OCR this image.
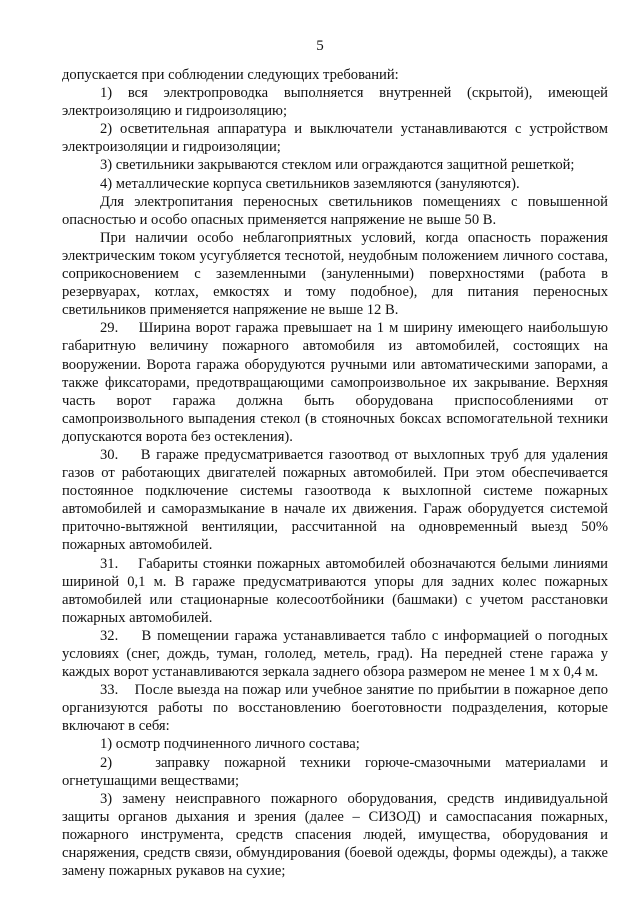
5

допускается при соблюдении следующих требований:

1) вся электропроводка выполняется внутренней (скрытой), имеющей электроизоляцию и гидроизоляцию;

2) осветительная аппаратура и выключатели устанавливаются с устройством электроизоляции и гидроизоляции;

3) светильники закрываются стеклом или ограждаются защитной решеткой;

4) металлические корпуса светильников заземляются (зануляются).

Для электропитания переносных светильников помещениях с повышенной опасностью и особо опасных применяется напряжение не выше 50 В.

При наличии особо неблагоприятных условий, когда опасность поражения электрическим током усугубляется теснотой, неудобным положением личного состава, соприкосновением с заземленными (зануленными) поверхностями (работа в резервуарах, котлах, емкостях и тому подобное), для питания переносных светильников применяется напряжение не выше 12 В.

29.    Ширина ворот гаража превышает на 1 м ширину имеющего наибольшую габаритную величину пожарного автомобиля из автомобилей, состоящих на вооружении. Ворота гаража оборудуются ручными или автоматическими запорами, а также фиксаторами, предотвращающими самопроизвольное их закрывание. Верхняя часть ворот гаража должна быть оборудована приспособлениями от самопроизвольного выпадения стекол (в стояночных боксах вспомогательной техники допускаются ворота без остекления).

30.    В гараже предусматривается газоотвод от выхлопных труб для удаления газов от работающих двигателей пожарных автомобилей. При этом обеспечивается постоянное подключение системы газоотвода к выхлопной системе пожарных автомобилей и саморазмыкание в начале их движения. Гараж оборудуется системой приточно-вытяжной вентиляции, рассчитанной на одновременный выезд 50% пожарных автомобилей.

31.    Габариты стоянки пожарных автомобилей обозначаются белыми линиями шириной 0,1 м. В гараже предусматриваются упоры для задних колес пожарных автомобилей или стационарные колесоотбойники (башмаки) с учетом расстановки пожарных автомобилей.

32.    В помещении гаража устанавливается табло с информацией о погодных условиях (снег, дождь, туман, гололед, метель, град). На передней стене гаража у каждых ворот устанавливаются зеркала заднего обзора размером не менее 1 м х 0,4 м.

33.    После выезда на пожар или учебное занятие по прибытии в пожарное депо организуются работы по восстановлению боеготовности подразделения, которые включают в себя:

1) осмотр подчиненного личного состава;

2)   заправку пожарной техники горюче-смазочными материалами и огнетушащими веществами;

3) замену неисправного пожарного оборудования, средств индивидуальной защиты органов дыхания и зрения (далее – СИЗОД) и самоспасания пожарных, пожарного инструмента, средств спасения людей, имущества, оборудования и снаряжения, средств связи, обмундирования (боевой одежды, формы одежды), а также замену пожарных рукавов на сухие;
